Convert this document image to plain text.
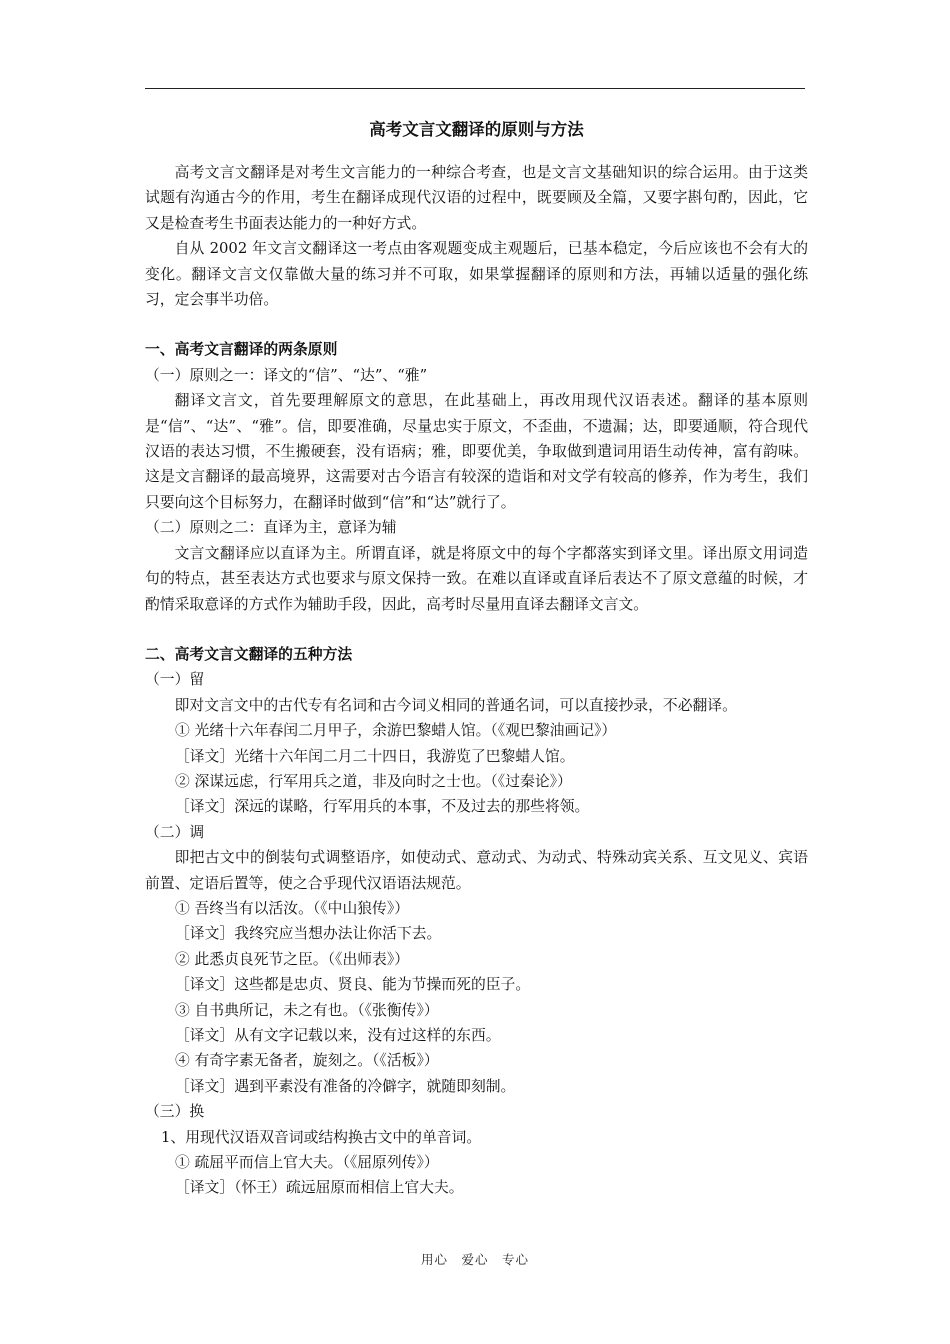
高考文言文翻译的原则与方法

高考文言文翻译是对考生文言能力的一种综合考查，也是文言文基础知识的综合运用。由于这类试题有沟通古今的作用，考生在翻译成现代汉语的过程中，既要顾及全篇，又要字斟句酌，因此，它又是检查考生书面表达能力的一种好方式。

自从 2002 年文言文翻译这一考点由客观题变成主观题后，已基本稳定，今后应该也不会有大的变化。翻译文言文仅靠做大量的练习并不可取，如果掌握翻译的原则和方法，再辅以适量的强化练习，定会事半功倍。

一、高考文言翻译的两条原则

（一）原则之一：译文的“信”、“达”、“雅”

翻译文言文，首先要理解原文的意思，在此基础上，再改用现代汉语表述。翻译的基本原则是“信”、“达”、“雅”。信，即要准确，尽量忠实于原文，不歪曲，不遗漏；达，即要通顺，符合现代汉语的表达习惯，不生搬硬套，没有语病；雅，即要优美，争取做到遣词用语生动传神，富有韵味。这是文言翻译的最高境界，这需要对古今语言有较深的造诣和对文学有较高的修养，作为考生，我们只要向这个目标努力，在翻译时做到“信”和“达”就行了。

（二）原则之二：直译为主，意译为辅

文言文翻译应以直译为主。所谓直译，就是将原文中的每个字都落实到译文里。译出原文用词造句的特点，甚至表达方式也要求与原文保持一致。在难以直译或直译后表达不了原文意蕴的时候，才酌情采取意译的方式作为辅助手段，因此，高考时尽量用直译去翻译文言文。

二、高考文言文翻译的五种方法

（一）留

即对文言文中的古代专有名词和古今词义相同的普通名词，可以直接抄录，不必翻译。

① 光绪十六年春闰二月甲子，余游巴黎蜡人馆。（《观巴黎油画记》）

［译文］光绪十六年闰二月二十四日，我游览了巴黎蜡人馆。

② 深谋远虑，行军用兵之道，非及向时之士也。（《过秦论》）

［译文］深远的谋略，行军用兵的本事，不及过去的那些将领。

（二）调

即把古文中的倒装句式调整语序，如使动式、意动式、为动式、特殊动宾关系、互文见义、宾语前置、定语后置等，使之合乎现代汉语语法规范。

① 吾终当有以活汝。（《中山狼传》）

［译文］我终究应当想办法让你活下去。

② 此悉贞良死节之臣。（《出师表》）

［译文］这些都是忠贞、贤良、能为节操而死的臣子。

③ 自书典所记，未之有也。（《张衡传》）

［译文］从有文字记载以来，没有过这样的东西。

④ 有奇字素无备者，旋刻之。（《活板》）

［译文］遇到平素没有准备的冷僻字，就随即刻制。

（三）换

1、用现代汉语双音词或结构换古文中的单音词。

① 疏屈平而信上官大夫。（《屈原列传》）

［译文］（怀王）疏远屈原而相信上官大夫。

用心　爱心　专心
